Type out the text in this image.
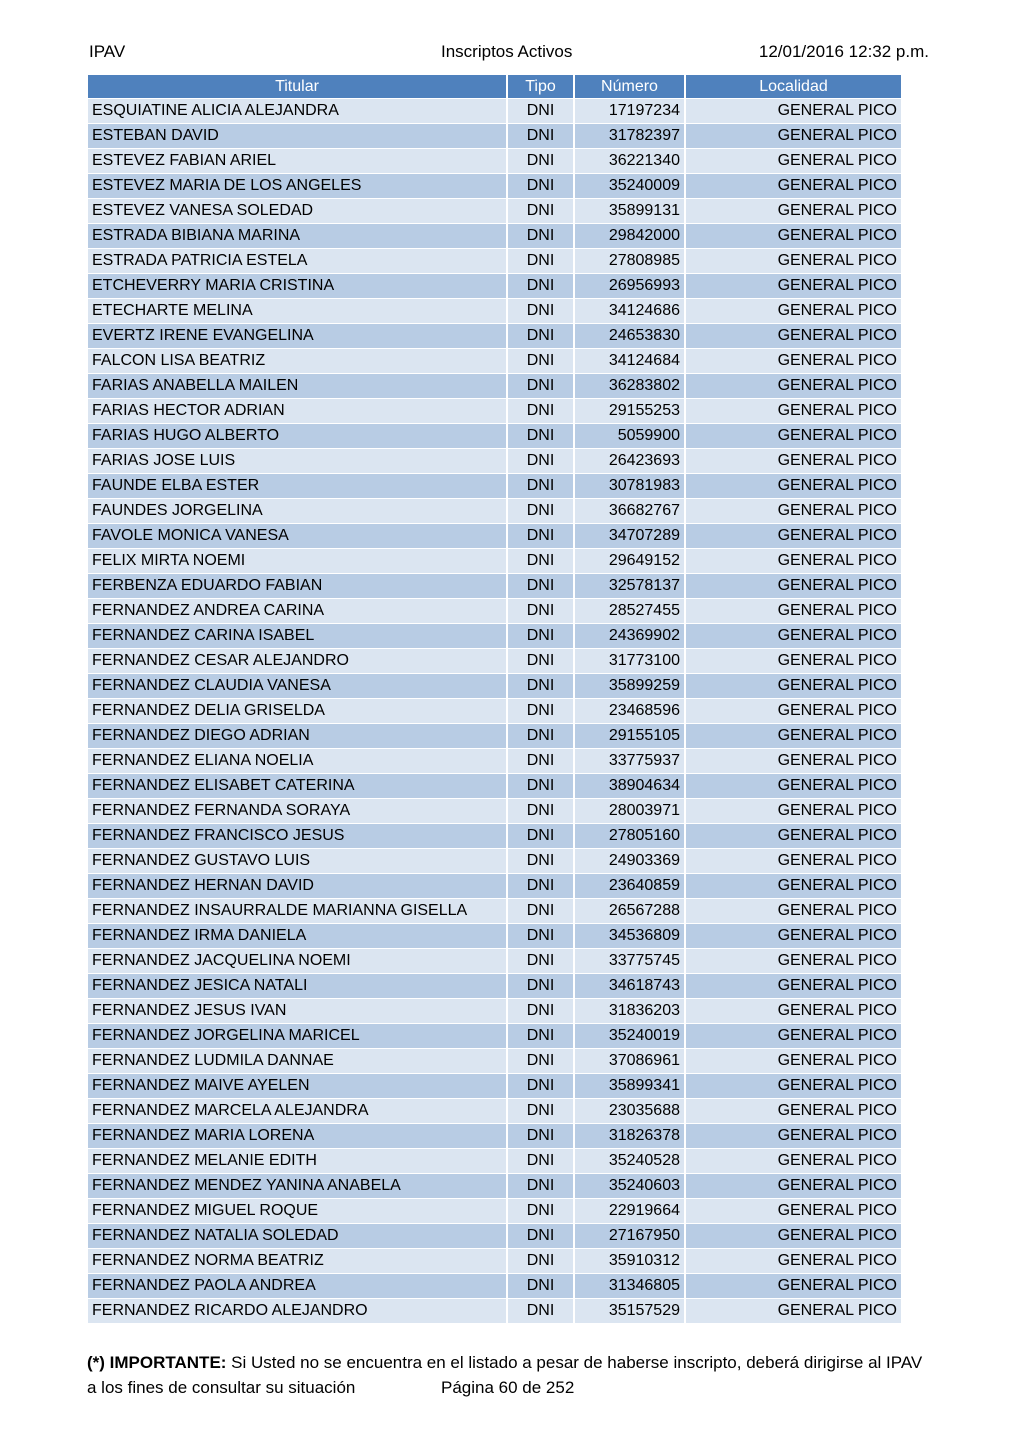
IPAV	Inscriptos Activos	12/01/2016 12:32 p.m.
Titular	Tipo	Número	Localidad
ESQUIATINE ALICIA ALEJANDRA	DNI	17197234	GENERAL PICO
ESTEBAN DAVID	DNI	31782397	GENERAL PICO
ESTEVEZ FABIAN ARIEL	DNI	36221340	GENERAL PICO
ESTEVEZ MARIA DE LOS ANGELES	DNI	35240009	GENERAL PICO
ESTEVEZ VANESA SOLEDAD	DNI	35899131	GENERAL PICO
ESTRADA BIBIANA MARINA	DNI	29842000	GENERAL PICO
ESTRADA PATRICIA ESTELA	DNI	27808985	GENERAL PICO
ETCHEVERRY MARIA CRISTINA	DNI	26956993	GENERAL PICO
ETECHARTE MELINA	DNI	34124686	GENERAL PICO
EVERTZ IRENE EVANGELINA	DNI	24653830	GENERAL PICO
FALCON LISA BEATRIZ	DNI	34124684	GENERAL PICO
FARIAS ANABELLA MAILEN	DNI	36283802	GENERAL PICO
FARIAS HECTOR ADRIAN	DNI	29155253	GENERAL PICO
FARIAS HUGO ALBERTO	DNI	5059900	GENERAL PICO
FARIAS JOSE LUIS	DNI	26423693	GENERAL PICO
FAUNDE ELBA ESTER	DNI	30781983	GENERAL PICO
FAUNDES JORGELINA	DNI	36682767	GENERAL PICO
FAVOLE MONICA VANESA	DNI	34707289	GENERAL PICO
FELIX MIRTA NOEMI	DNI	29649152	GENERAL PICO
FERBENZA EDUARDO FABIAN	DNI	32578137	GENERAL PICO
FERNANDEZ ANDREA CARINA	DNI	28527455	GENERAL PICO
FERNANDEZ CARINA ISABEL	DNI	24369902	GENERAL PICO
FERNANDEZ CESAR ALEJANDRO	DNI	31773100	GENERAL PICO
FERNANDEZ CLAUDIA VANESA	DNI	35899259	GENERAL PICO
FERNANDEZ DELIA GRISELDA	DNI	23468596	GENERAL PICO
FERNANDEZ DIEGO ADRIAN	DNI	29155105	GENERAL PICO
FERNANDEZ ELIANA NOELIA	DNI	33775937	GENERAL PICO
FERNANDEZ ELISABET CATERINA	DNI	38904634	GENERAL PICO
FERNANDEZ FERNANDA SORAYA	DNI	28003971	GENERAL PICO
FERNANDEZ FRANCISCO JESUS	DNI	27805160	GENERAL PICO
FERNANDEZ GUSTAVO LUIS	DNI	24903369	GENERAL PICO
FERNANDEZ HERNAN DAVID	DNI	23640859	GENERAL PICO
FERNANDEZ INSAURRALDE MARIANNA GISELLA	DNI	26567288	GENERAL PICO
FERNANDEZ IRMA DANIELA	DNI	34536809	GENERAL PICO
FERNANDEZ JACQUELINA NOEMI	DNI	33775745	GENERAL PICO
FERNANDEZ JESICA NATALI	DNI	34618743	GENERAL PICO
FERNANDEZ JESUS IVAN	DNI	31836203	GENERAL PICO
FERNANDEZ JORGELINA MARICEL	DNI	35240019	GENERAL PICO
FERNANDEZ LUDMILA DANNAE	DNI	37086961	GENERAL PICO
FERNANDEZ MAIVE AYELEN	DNI	35899341	GENERAL PICO
FERNANDEZ MARCELA ALEJANDRA	DNI	23035688	GENERAL PICO
FERNANDEZ MARIA LORENA	DNI	31826378	GENERAL PICO
FERNANDEZ MELANIE EDITH	DNI	35240528	GENERAL PICO
FERNANDEZ MENDEZ YANINA ANABELA	DNI	35240603	GENERAL PICO
FERNANDEZ MIGUEL ROQUE	DNI	22919664	GENERAL PICO
FERNANDEZ NATALIA SOLEDAD	DNI	27167950	GENERAL PICO
FERNANDEZ NORMA BEATRIZ	DNI	35910312	GENERAL PICO
FERNANDEZ PAOLA ANDREA	DNI	31346805	GENERAL PICO
FERNANDEZ RICARDO ALEJANDRO	DNI	35157529	GENERAL PICO
(*) IMPORTANTE: Si Usted no se encuentra en el listado a pesar de haberse inscripto, deberá dirigirse al IPAV
a los fines de consultar su situación	Página 60 de 252
